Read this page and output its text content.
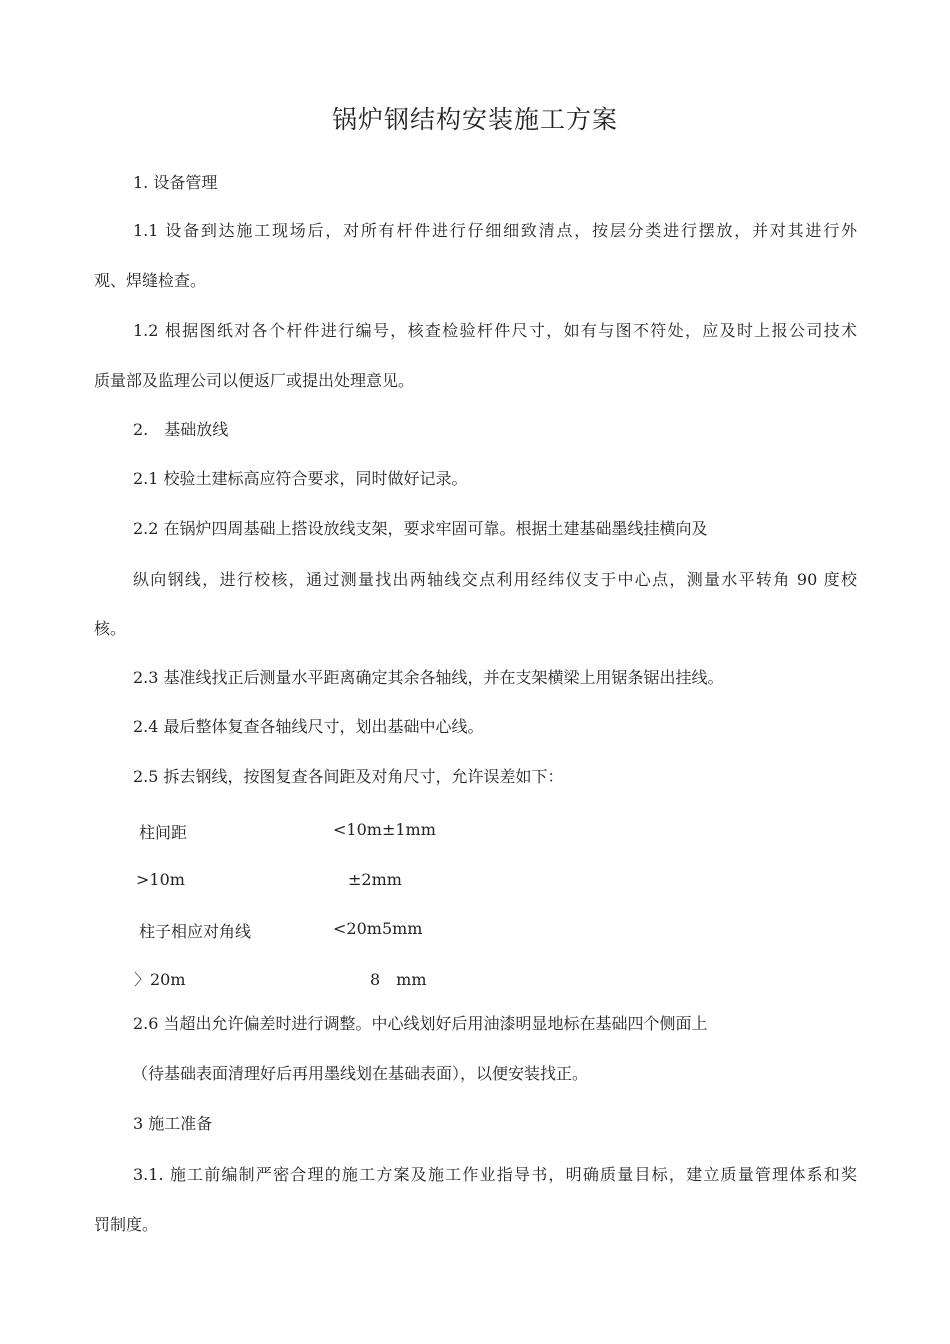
锅炉钢结构安装施工方案
1. 设备管理
1.1 设备到达施工现场后，对所有杆件进行仔细细致清点，按层分类进行摆放，并对其进行外
观、焊缝检查。
1.2 根据图纸对各个杆件进行编号，核查检验杆件尺寸，如有与图不符处，应及时上报公司技术
质量部及监理公司以便返厂或提出处理意见。
2.　基础放线
2.1 校验土建标高应符合要求，同时做好记录。
2.2 在锅炉四周基础上搭设放线支架，要求牢固可靠。根据土建基础墨线挂横向及
纵向钢线，进行校核，通过测量找出两轴线交点利用经纬仪支于中心点，测量水平转角 90 度校
核。
2.3 基准线找正后测量水平距离确定其余各轴线，并在支架横梁上用锯条锯出挂线。
2.4 最后整体复查各轴线尺寸，划出基础中心线。
2.5 拆去钢线，按图复查各间距及对角尺寸，允许误差如下：
柱间距	<10m±1mm
>10m	±2mm
柱子相应对角线	<20m5mm
〉20m	8　mm
2.6 当超出允许偏差时进行调整。中心线划好后用油漆明显地标在基础四个侧面上
（待基础表面清理好后再用墨线划在基础表面），以便安装找正。
3 施工准备
3.1. 施工前编制严密合理的施工方案及施工作业指导书，明确质量目标，建立质量管理体系和奖
罚制度。
